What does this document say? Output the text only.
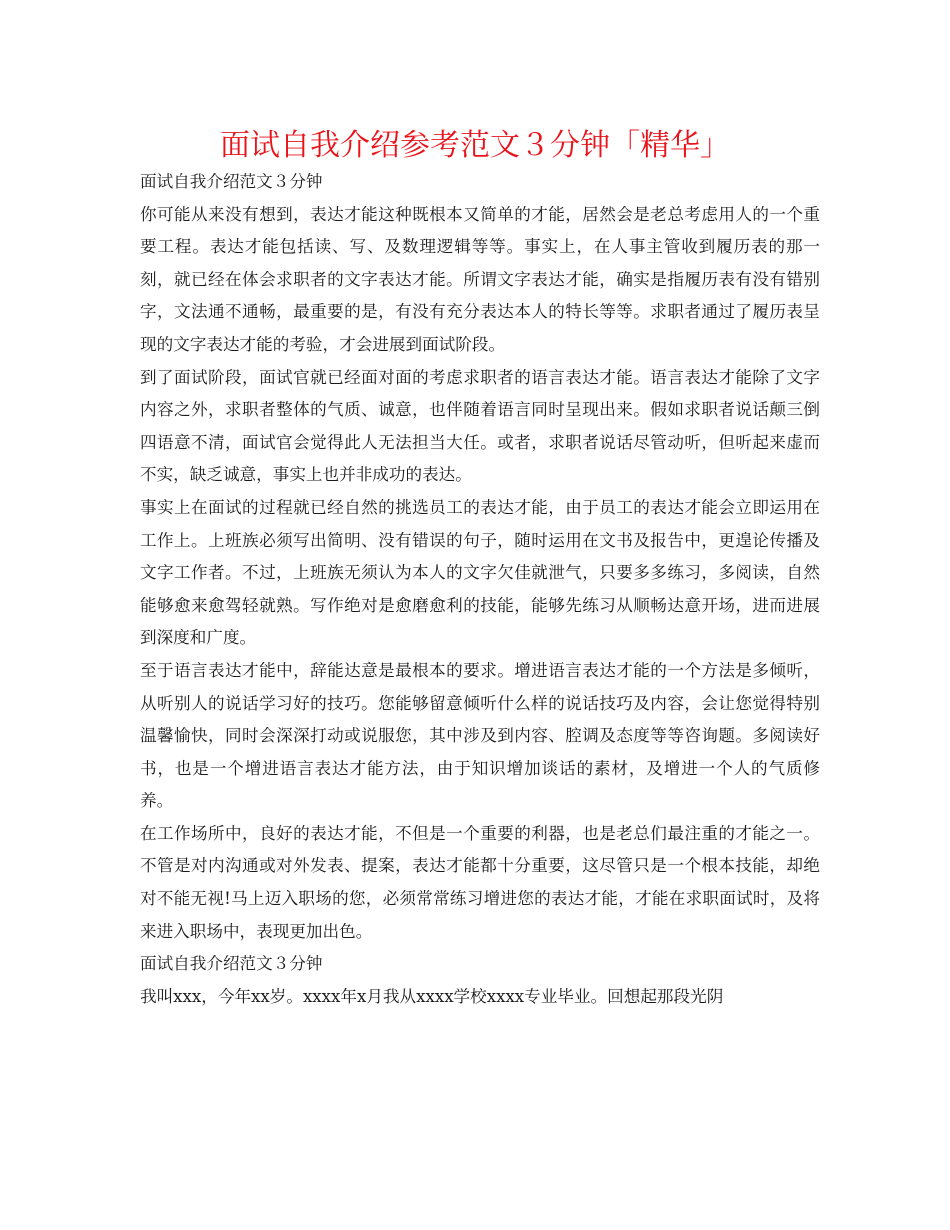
面试自我介绍参考范文３分钟「精华」

面试自我介绍范文３分钟

你可能从来没有想到，表达才能这种既根本又简单的才能，居然会是老总考虑用人的一个重要工程。表达才能包括读、写、及数理逻辑等等。事实上，在人事主管收到履历表的那一刻，就已经在体会求职者的文字表达才能。所谓文字表达才能，确实是指履历表有没有错别字，文法通不通畅，最重要的是，有没有充分表达本人的特长等等。求职者通过了履历表呈现的文字表达才能的考验，才会进展到面试阶段。

到了面试阶段，面试官就已经面对面的考虑求职者的语言表达才能。语言表达才能除了文字内容之外，求职者整体的气质、诚意，也伴随着语言同时呈现出来。假如求职者说话颠三倒四语意不清，面试官会觉得此人无法担当大任。或者，求职者说话尽管动听，但听起来虚而不实，缺乏诚意，事实上也并非成功的表达。

事实上在面试的过程就已经自然的挑选员工的表达才能，由于员工的表达才能会立即运用在工作上。上班族必须写出简明、没有错误的句子，随时运用在文书及报告中，更遑论传播及文字工作者。不过，上班族无须认为本人的文字欠佳就泄气，只要多多练习，多阅读，自然能够愈来愈驾轻就熟。写作绝对是愈磨愈利的技能，能够先练习从顺畅达意开场，进而进展到深度和广度。

至于语言表达才能中，辞能达意是最根本的要求。增进语言表达才能的一个方法是多倾听，从听别人的说话学习好的技巧。您能够留意倾听什么样的说话技巧及内容，会让您觉得特别温馨愉快，同时会深深打动或说服您，其中涉及到内容、腔调及态度等等咨询题。多阅读好书，也是一个增进语言表达才能方法，由于知识增加谈话的素材，及增进一个人的气质修养。

在工作场所中，良好的表达才能，不但是一个重要的利器，也是老总们最注重的才能之一。不管是对内沟通或对外发表、提案，表达才能都十分重要，这尽管只是一个根本技能，却绝对不能无视!马上迈入职场的您，必须常常练习增进您的表达才能，才能在求职面试时，及将来进入职场中，表现更加出色。

面试自我介绍范文３分钟

我叫xxx，今年xx岁。xxxx年x月我从xxxx学校xxxx专业毕业。回想起那段光阴
